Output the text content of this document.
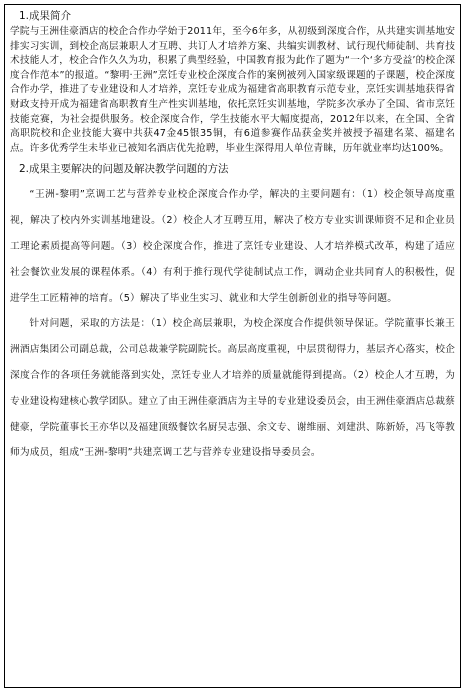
1.成果简介

学院与王洲佳豪酒店的校企合作办学始于2011年，至今6年多，从初级到深度合作，从共建实训基地安排实习实训，到校企高层兼职人才互聘、共订人才培养方案、共编实训教材、试行现代师徒制、共育技术技能人才，校企合作久久为功，积累了典型经验，中国教育报为此作了题为“一个‘多方受益’的校企深度合作范本”的报道。“黎明·王洲”烹饪专业校企深度合作的案例被列入国家级课题的子课题，校企深度合作办学，推进了专业建设和人才培养，烹饪专业成为福建省高职教育示范专业，烹饪实训基地获得省财政支持开成为福建省高职教育生产性实训基地，依托烹饪实训基地，学院多次承办了全国、省市烹饪技能竞赛，为社会提供服务。校企深度合作，学生技能水平大幅度提高，2012年以来，在全国、全省高职院校和企业技能大赛中共获47金45银35铜，有6道参赛作品获金奖并被授予福建名菜、福建名点。许多优秀学生未毕业已被知名酒店优先抢聘，毕业生深得用人单位青睐，历年就业率均达100%。

2.成果主要解决的问题及解决教学问题的方法

“王洲-黎明”烹调工艺与营养专业校企深度合作办学，解决的主要问题有：（1）校企领导高度重视，解决了校内外实训基地建设。（2）校企人才互聘互用，解决了校方专业实训课师资不足和企业员工理论素质提高等问题。（3）校企深度合作，推进了烹饪专业建设、人才培养模式改革，构建了适应社会餐饮业发展的课程体系。（4）有利于推行现代学徒制试点工作，调动企业共同育人的积极性，促进学生工匠精神的培育。（5）解决了毕业生实习、就业和大学生创新创业的指导等问题。

针对问题，采取的方法是：（1）校企高层兼职，为校企深度合作提供领导保证。学院董事长兼王洲酒店集团公司副总裁，公司总裁兼学院副院长。高层高度重视，中层贯彻得力，基层齐心落实，校企深度合作的各项任务就能落到实处，烹饪专业人才培养的质量就能得到提高。（2）校企人才互聘，为专业建设构建核心教学团队。建立了由王洲佳豪酒店为主导的专业建设委员会，由王洲佳豪酒店总裁蔡健豪，学院董事长王亦华以及福建顶级餐饮名厨吴志强、余文专、谢维丽、刘建洪、陈新娇，冯飞等教师为成员，组成“王洲-黎明”共建烹调工艺与营养专业建设指导委员会。
